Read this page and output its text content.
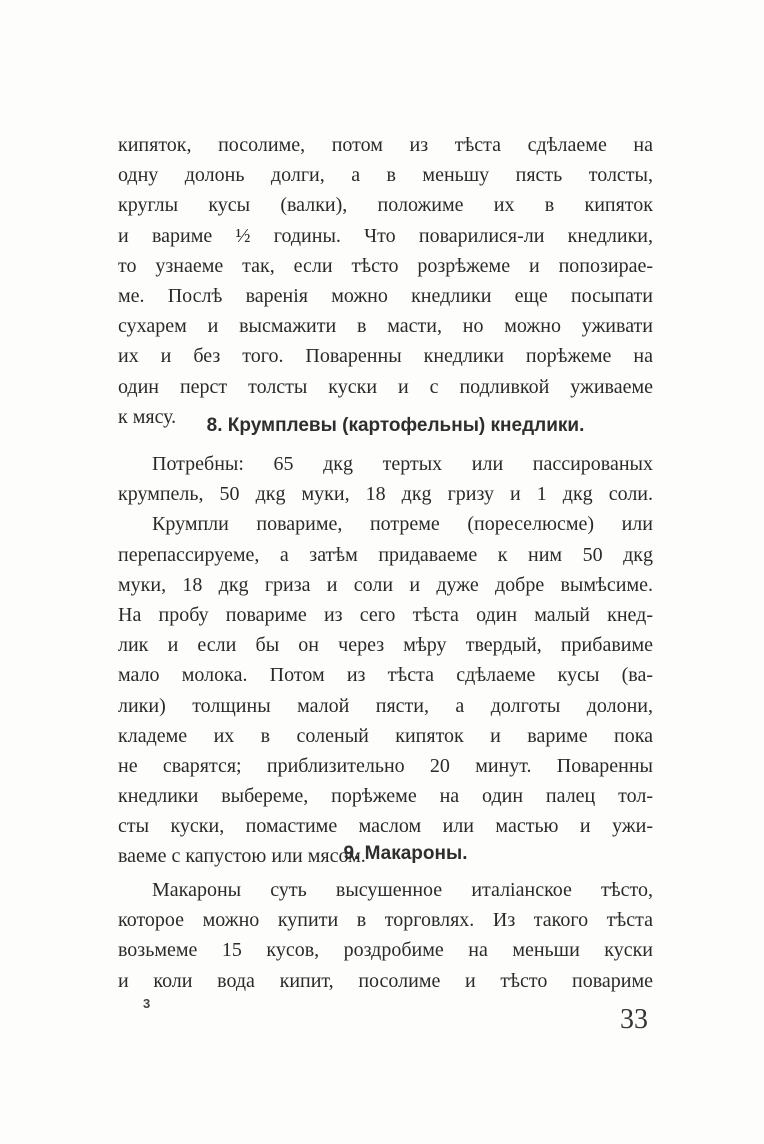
кипяток, посолиме, потом из тѣста сдѣлаеме на
одну долонь долги, а в меньшу пясть толсты,
круглы кусы (валки), положиме их в кипяток
и вариме ½ годины. Что поварилися-ли кнедлики,
то узнаеме так, если тѣсто розрѣжеме и попозирае-
ме. Послѣ варенія можно кнедлики еще посыпати
сухарем и высмажити в масти, но можно уживати
их и без того. Поваренны кнедлики порѣжеме на
один перст толсты куски и с подливкой уживаеме
к мясу.	8. Крумплевы (картофельны) кнедлики.
Потребны: 65 дкg тертых или пассированых
крумпель, 50 дкg муки, 18 дкg гризу и 1 дкg соли.
Крумпли повариме, потреме (пореселюсме) или
перепассируеме, а затѣм придаваеме к ним 50 дкg
муки, 18 дкg гриза и соли и дуже добре вымѣсиме.
На пробу повариме из сего тѣста один малый кнед-
лик и если бы он через мѣру твердый, прибавиме
мало молока. Потом из тѣста сдѣлаеме кусы (ва-
лики) толщины малой пясти, а долготы долони,
кладеме их в соленый кипяток и вариме пока
не сварятся; приблизительно 20 минут. Поваренны
кнедлики выбереме, порѣжеме на один палец тол-
сты куски, помастиме маслом или мастью и ужи-
ваеме с капустою или мясом.
9. Макароны.
Макароны суть высушенное италіанское тѣсто,
которое можно купити в торговлях. Из такого тѣста
возьмеме 15 кусов, роздробиме на меньши куски
и коли вода кипит, посолиме и тѣсто повариме
3
33
